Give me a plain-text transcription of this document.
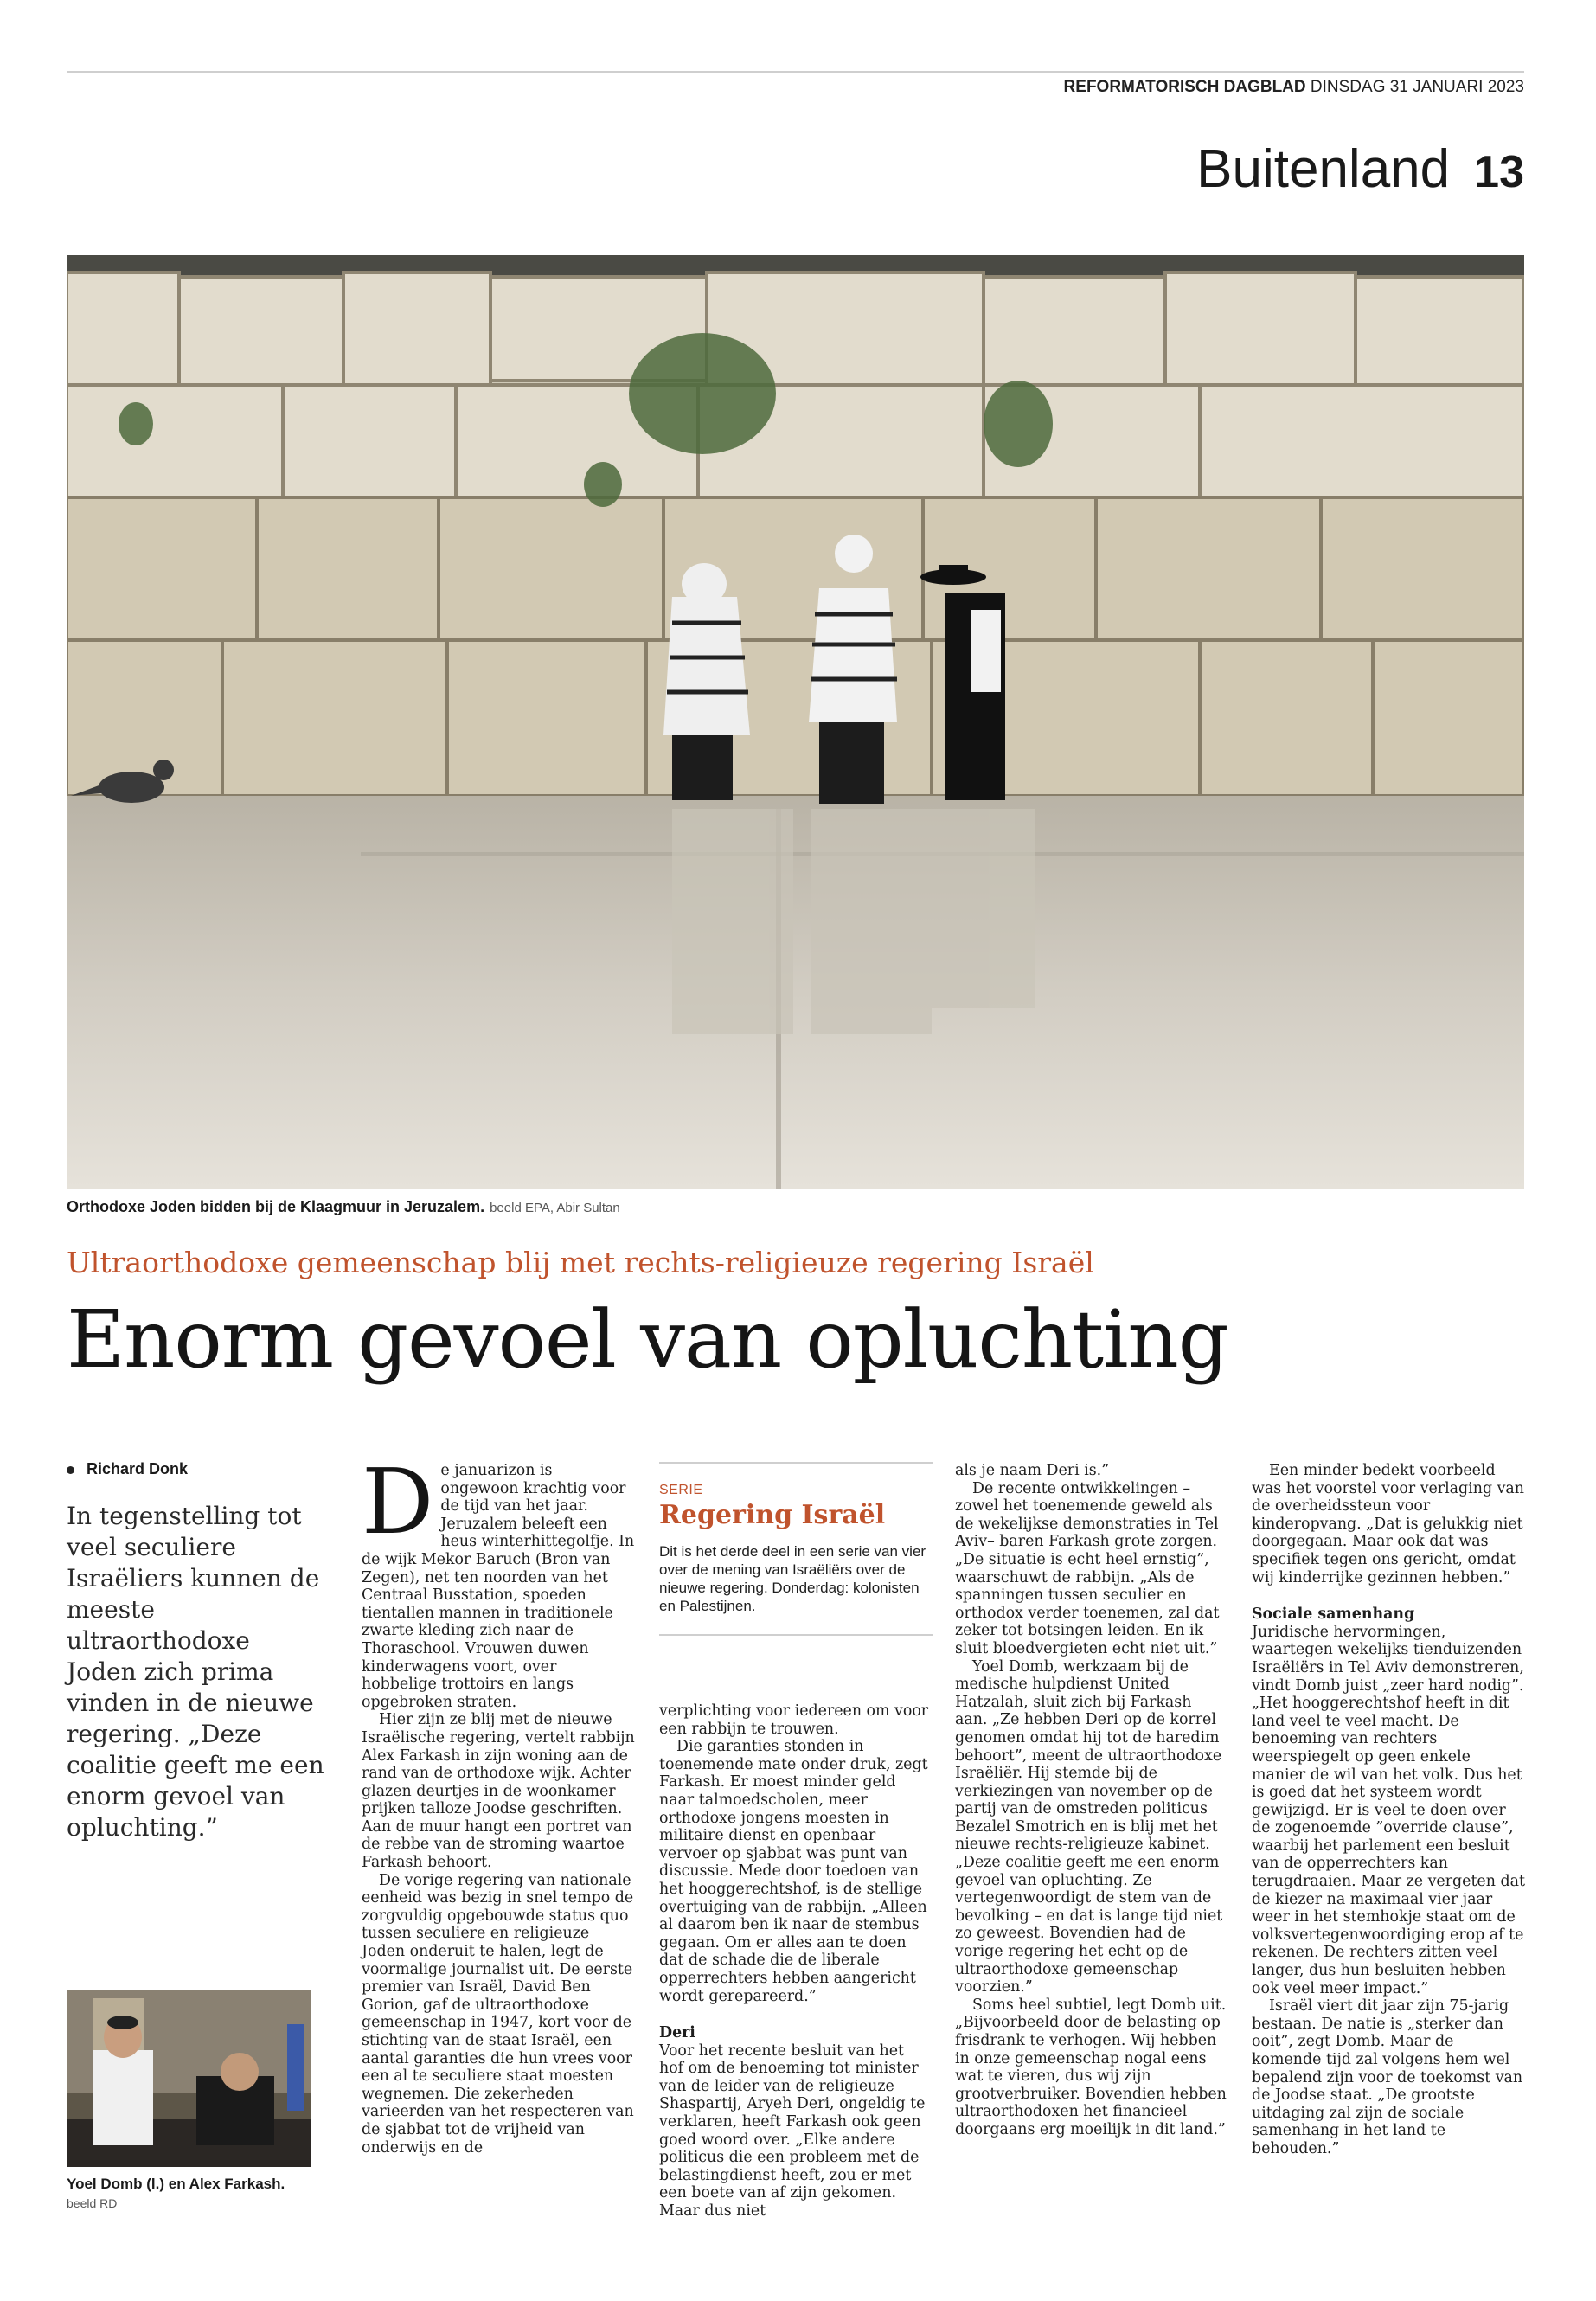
REFORMATORISCH DAGBLAD DINSDAG 31 JANUARI 2023
Buitenland 13
Orthodoxe Joden bidden bij de Klaagmuur in Jeruzalem. beeld EPA, Abir Sultan
Ultraorthodoxe gemeenschap blij met rechts-religieuze regering Israël
Enorm gevoel van opluchting
Richard Donk
In tegenstelling tot veel seculiere Israëliers kunnen de meeste ultraorthodoxe Joden zich prima vinden in de nieuwe regering. „Deze coalitie geeft me een enorm gevoel van opluchting.”
Yoel Domb (l.) en Alex Farkash. beeld RD

De januarizon is ongewoon krachtig voor de tijd van het jaar. Jeruzalem beleeft een heus winterhittegolfje. In de wijk Mekor Baruch (Bron van Zegen), net ten noorden van het Centraal Busstation, spoeden tientallen mannen in traditionele zwarte kleding zich naar de Thoraschool. Vrouwen duwen kinderwagens voort, over hobbelige trottoirs en langs opgebroken straten.

Hier zijn ze blij met de nieuwe Israëlische regering, vertelt rabbijn Alex Farkash in zijn woning aan de rand van de orthodoxe wijk. Achter glazen deurtjes in de woonkamer prijken talloze Joodse geschriften. Aan de muur hangt een portret van de rebbe van de stroming waartoe Farkash behoort.

De vorige regering van nationale eenheid was bezig in snel tempo de zorgvuldig opgebouwde status quo tussen seculiere en religieuze Joden onderuit te halen, legt de voormalige journalist uit. De eerste premier van Israël, David Ben Gorion, gaf de ultraorthodoxe gemeenschap in 1947, kort voor de stichting van de staat Israël, een aantal garanties die hun vrees voor een al te seculiere staat moesten wegnemen. Die zekerheden varieerden van het respecteren van de sjabbat tot de vrijheid van onderwijs en de

SERIE
Regering Israël
Dit is het derde deel in een serie van vier over de mening van Israëliërs over de nieuwe regering. Donderdag: kolonisten en Palestijnen.

verplichting voor iedereen om voor een rabbijn te trouwen.

Die garanties stonden in toenemende mate onder druk, zegt Farkash. Er moest minder geld naar talmoedscholen, meer orthodoxe jongens moesten in militaire dienst en openbaar vervoer op sjabbat was punt van discussie. Mede door toedoen van het hooggerechtshof, is de stellige overtuiging van de rabbijn. „Alleen al daarom ben ik naar de stembus gegaan. Om er alles aan te doen dat de schade die de liberale opperrechters hebben aangericht wordt gerepareerd.”

Deri

Voor het recente besluit van het hof om de benoeming tot minister van de leider van de religieuze Shaspartij, Aryeh Deri, ongeldig te verklaren, heeft Farkash ook geen goed woord over. „Elke andere politicus die een probleem met de belastingdienst heeft, zou er met een boete van af zijn gekomen. Maar dus niet

als je naam Deri is.”

De recente ontwikkelingen – zowel het toenemende geweld als de wekelijkse demonstraties in Tel Aviv– baren Farkash grote zorgen. „De situatie is echt heel ernstig”, waarschuwt de rabbijn. „Als de spanningen tussen seculier en orthodox verder toenemen, zal dat zeker tot botsingen leiden. En ik sluit bloedvergieten echt niet uit.”

Yoel Domb, werkzaam bij de medische hulpdienst United Hatzalah, sluit zich bij Farkash aan. „Ze hebben Deri op de korrel genomen omdat hij tot de haredim behoort”, meent de ultraorthodoxe Israëliër. Hij stemde bij de verkiezingen van november op de partij van de omstreden politicus Bezalel Smotrich en is blij met het nieuwe rechts-religieuze kabinet. „Deze coalitie geeft me een enorm gevoel van opluchting. Ze vertegenwoordigt de stem van de bevolking – en dat is lange tijd niet zo geweest. Bovendien had de vorige regering het echt op de ultraorthodoxe gemeenschap voorzien.”

Soms heel subtiel, legt Domb uit. „Bijvoorbeeld door de belasting op frisdrank te verhogen. Wij hebben in onze gemeenschap nogal eens wat te vieren, dus wij zijn grootverbruiker. Bovendien hebben ultraorthodoxen het financieel doorgaans erg moeilijk in dit land.”

Een minder bedekt voorbeeld was het voorstel voor verlaging van de overheidssteun voor kinderopvang. „Dat is gelukkig niet doorgegaan. Maar ook dat was specifiek tegen ons gericht, omdat wij kinderrijke gezinnen hebben.”

Sociale samenhang

Juridische hervormingen, waartegen wekelijks tienduizenden Israëliërs in Tel Aviv demonstreren, vindt Domb juist „zeer hard nodig”. „Het hooggerechtshof heeft in dit land veel te veel macht. De benoeming van rechters weerspiegelt op geen enkele manier de wil van het volk. Dus het is goed dat het systeem wordt gewijzigd. Er is veel te doen over de zogenoemde ”override clause”, waarbij het parlement een besluit van de opperrechters kan terugdraaien. Maar ze vergeten dat de kiezer na maximaal vier jaar weer in het stemhokje staat om de volksvertegenwoordiging erop af te rekenen. De rechters zitten veel langer, dus hun besluiten hebben ook veel meer impact.”

Israël viert dit jaar zijn 75-jarig bestaan. De natie is „sterker dan ooit”, zegt Domb. Maar de komende tijd zal volgens hem wel bepalend zijn voor de toekomst van de Joodse staat. „De grootste uitdaging zal zijn de sociale samenhang in het land te behouden.”
